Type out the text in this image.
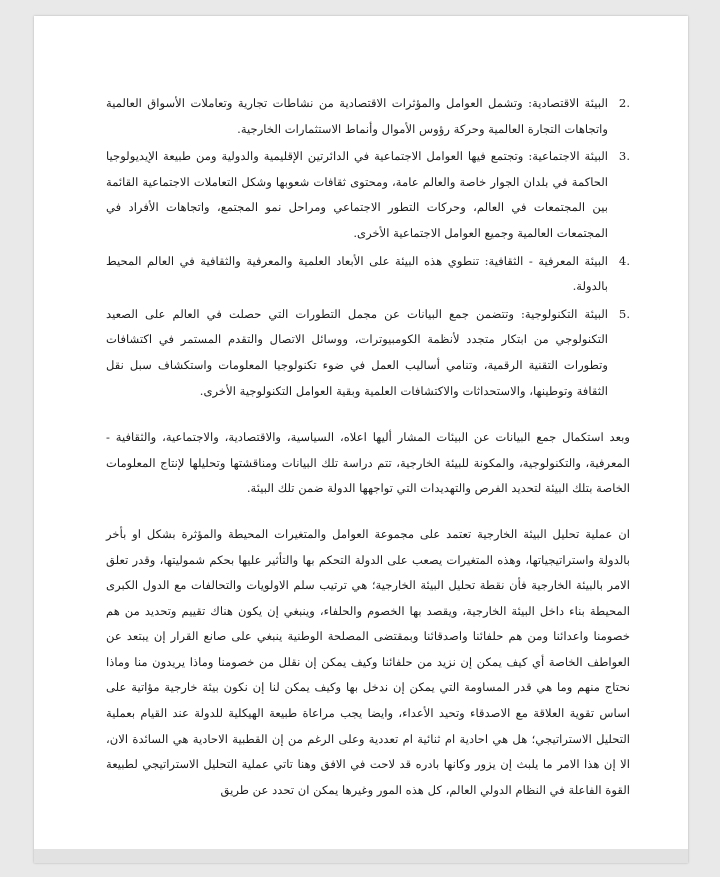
.2

البيئة الاقتصادية: وتشمل العوامل والمؤثرات الاقتصادية من نشاطات تجارية وتعاملات الأسواق العالمية واتجاهات التجارة العالمية وحركة رؤوس الأموال وأنماط الاستثمارات الخارجية.

.3

البيئة الاجتماعية: وتجتمع فيها العوامل الاجتماعية في الدائرتين الإقليمية والدولية ومن طبيعة الإيديولوجيا الحاكمة في بلدان الجوار خاصة والعالم عامة، ومحتوى ثقافات شعوبها وشكل التعاملات الاجتماعية القائمة بين المجتمعات في العالم، وحركات التطور الاجتماعي ومراحل نمو المجتمع، واتجاهات الأفراد في المجتمعات العالمية وجميع العوامل الاجتماعية الأخرى.

.4

البيئة المعرفية - الثقافية: تنطوي هذه البيئة على الأبعاد العلمية والمعرفية والثقافية في العالم المحيط بالدولة.

.5

البيئة التكنولوجية: وتتضمن جمع البيانات عن مجمل التطورات التي حصلت في العالم على الصعيد التكنولوجي من ابتكار متجدد لأنظمة الكومبيوترات، ووسائل الاتصال والتقدم المستمر في اكتشافات وتطورات التقنية الرقمية، وتنامي أساليب العمل في ضوء تكنولوجيا المعلومات واستكشاف سبل نقل الثقافة وتوطينها، والاستحداثات والاكتشافات العلمية وبقية العوامل التكنولوجية الأخرى.

وبعد استكمال جمع البيانات عن البيئات المشار أليها اعلاه، السياسية، والاقتصادية، والاجتماعية، والثقافية - المعرفية، والتكنولوجية، والمكونة للبيئة الخارجية، تتم دراسة تلك البيانات ومناقشتها وتحليلها لإنتاج المعلومات الخاصة بتلك البيئة لتحديد الفرص والتهديدات التي تواجهها الدولة ضمن تلك البيئة.

ان عملية تحليل البيئة الخارجية تعتمد على مجموعة العوامل والمتغيرات المحيطة والمؤثرة بشكل او بأخر بالدولة واستراتيجياتها، وهذه المتغيرات يصعب على الدولة التحكم بها والتأثير عليها بحكم شموليتها، وقدر تعلق الامر بالبيئة الخارجية فأن نقطة تحليل البيئة الخارجية؛ هي ترتيب سلم الاولويات والتحالفات مع الدول الكبرى المحيطة بناء داخل البيئة الخارجية، ويقصد بها الخصوم والحلفاء، وينبغي إن يكون هناك تقييم وتحديد من هم خصومنا واعدائنا ومن هم حلفائنا واصدقائنا وبمقتضى المصلحة الوطنية ينبغي على صانع القرار إن يبتعد عن العواطف الخاصة أي كيف يمكن إن نزيد من حلفائنا وكيف يمكن إن نقلل من خصومنا وماذا يريدون منا وماذا نحتاج منهم وما هي قدر المساومة التي يمكن إن ندخل بها وكيف يمكن لنا إن نكون بيئة خارجية مؤاتية على اساس تقوية العلاقة مع الاصدقاء وتحيد الأعداء، وايضا يجب مراعاة طبيعة الهيكلية للدولة عند القيام بعملية التحليل الاستراتيجي؛ هل هي احادية ام ثنائية ام تعددية وعلى الرغم من إن القطبية الاحادية هي السائدة الان، الا إن هذا الامر ما يلبث إن يزور وكانها بادره قد لاحت في الافق وهنا تاتي عملية التحليل الاستراتيجي لطبيعة القوة الفاعلة في النظام الدولي العالم، كل هذه المور وغيرها يمكن ان تحدد عن طريق
